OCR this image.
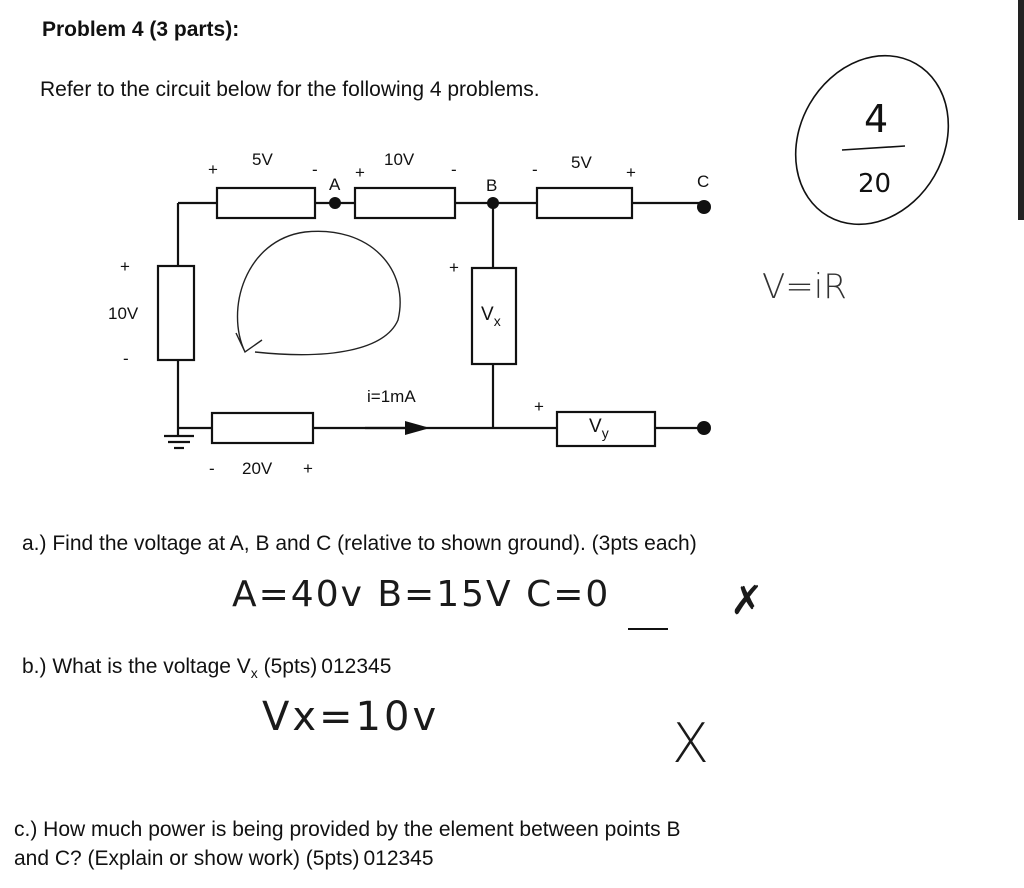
Problem 4 (3 parts):
Refer to the circuit below for the following 4 problems.
10V
5V	10V	5V
20V
i=1mA
A	B	C
$V_x$
$V_y$
+
-
+	- +	-	-	+
+
+
-	+
4
20
V=iR
a.) Find the voltage at A, B and C (relative to shown ground). (3pts each)
A=40v B=15V C=0	✗
b.) What is the voltage $V_x$ (5pts) 012345
Vx=10v	X
c.) How much power is being provided by the element between points B
and C? (Explain or show work) (5pts) 012345
